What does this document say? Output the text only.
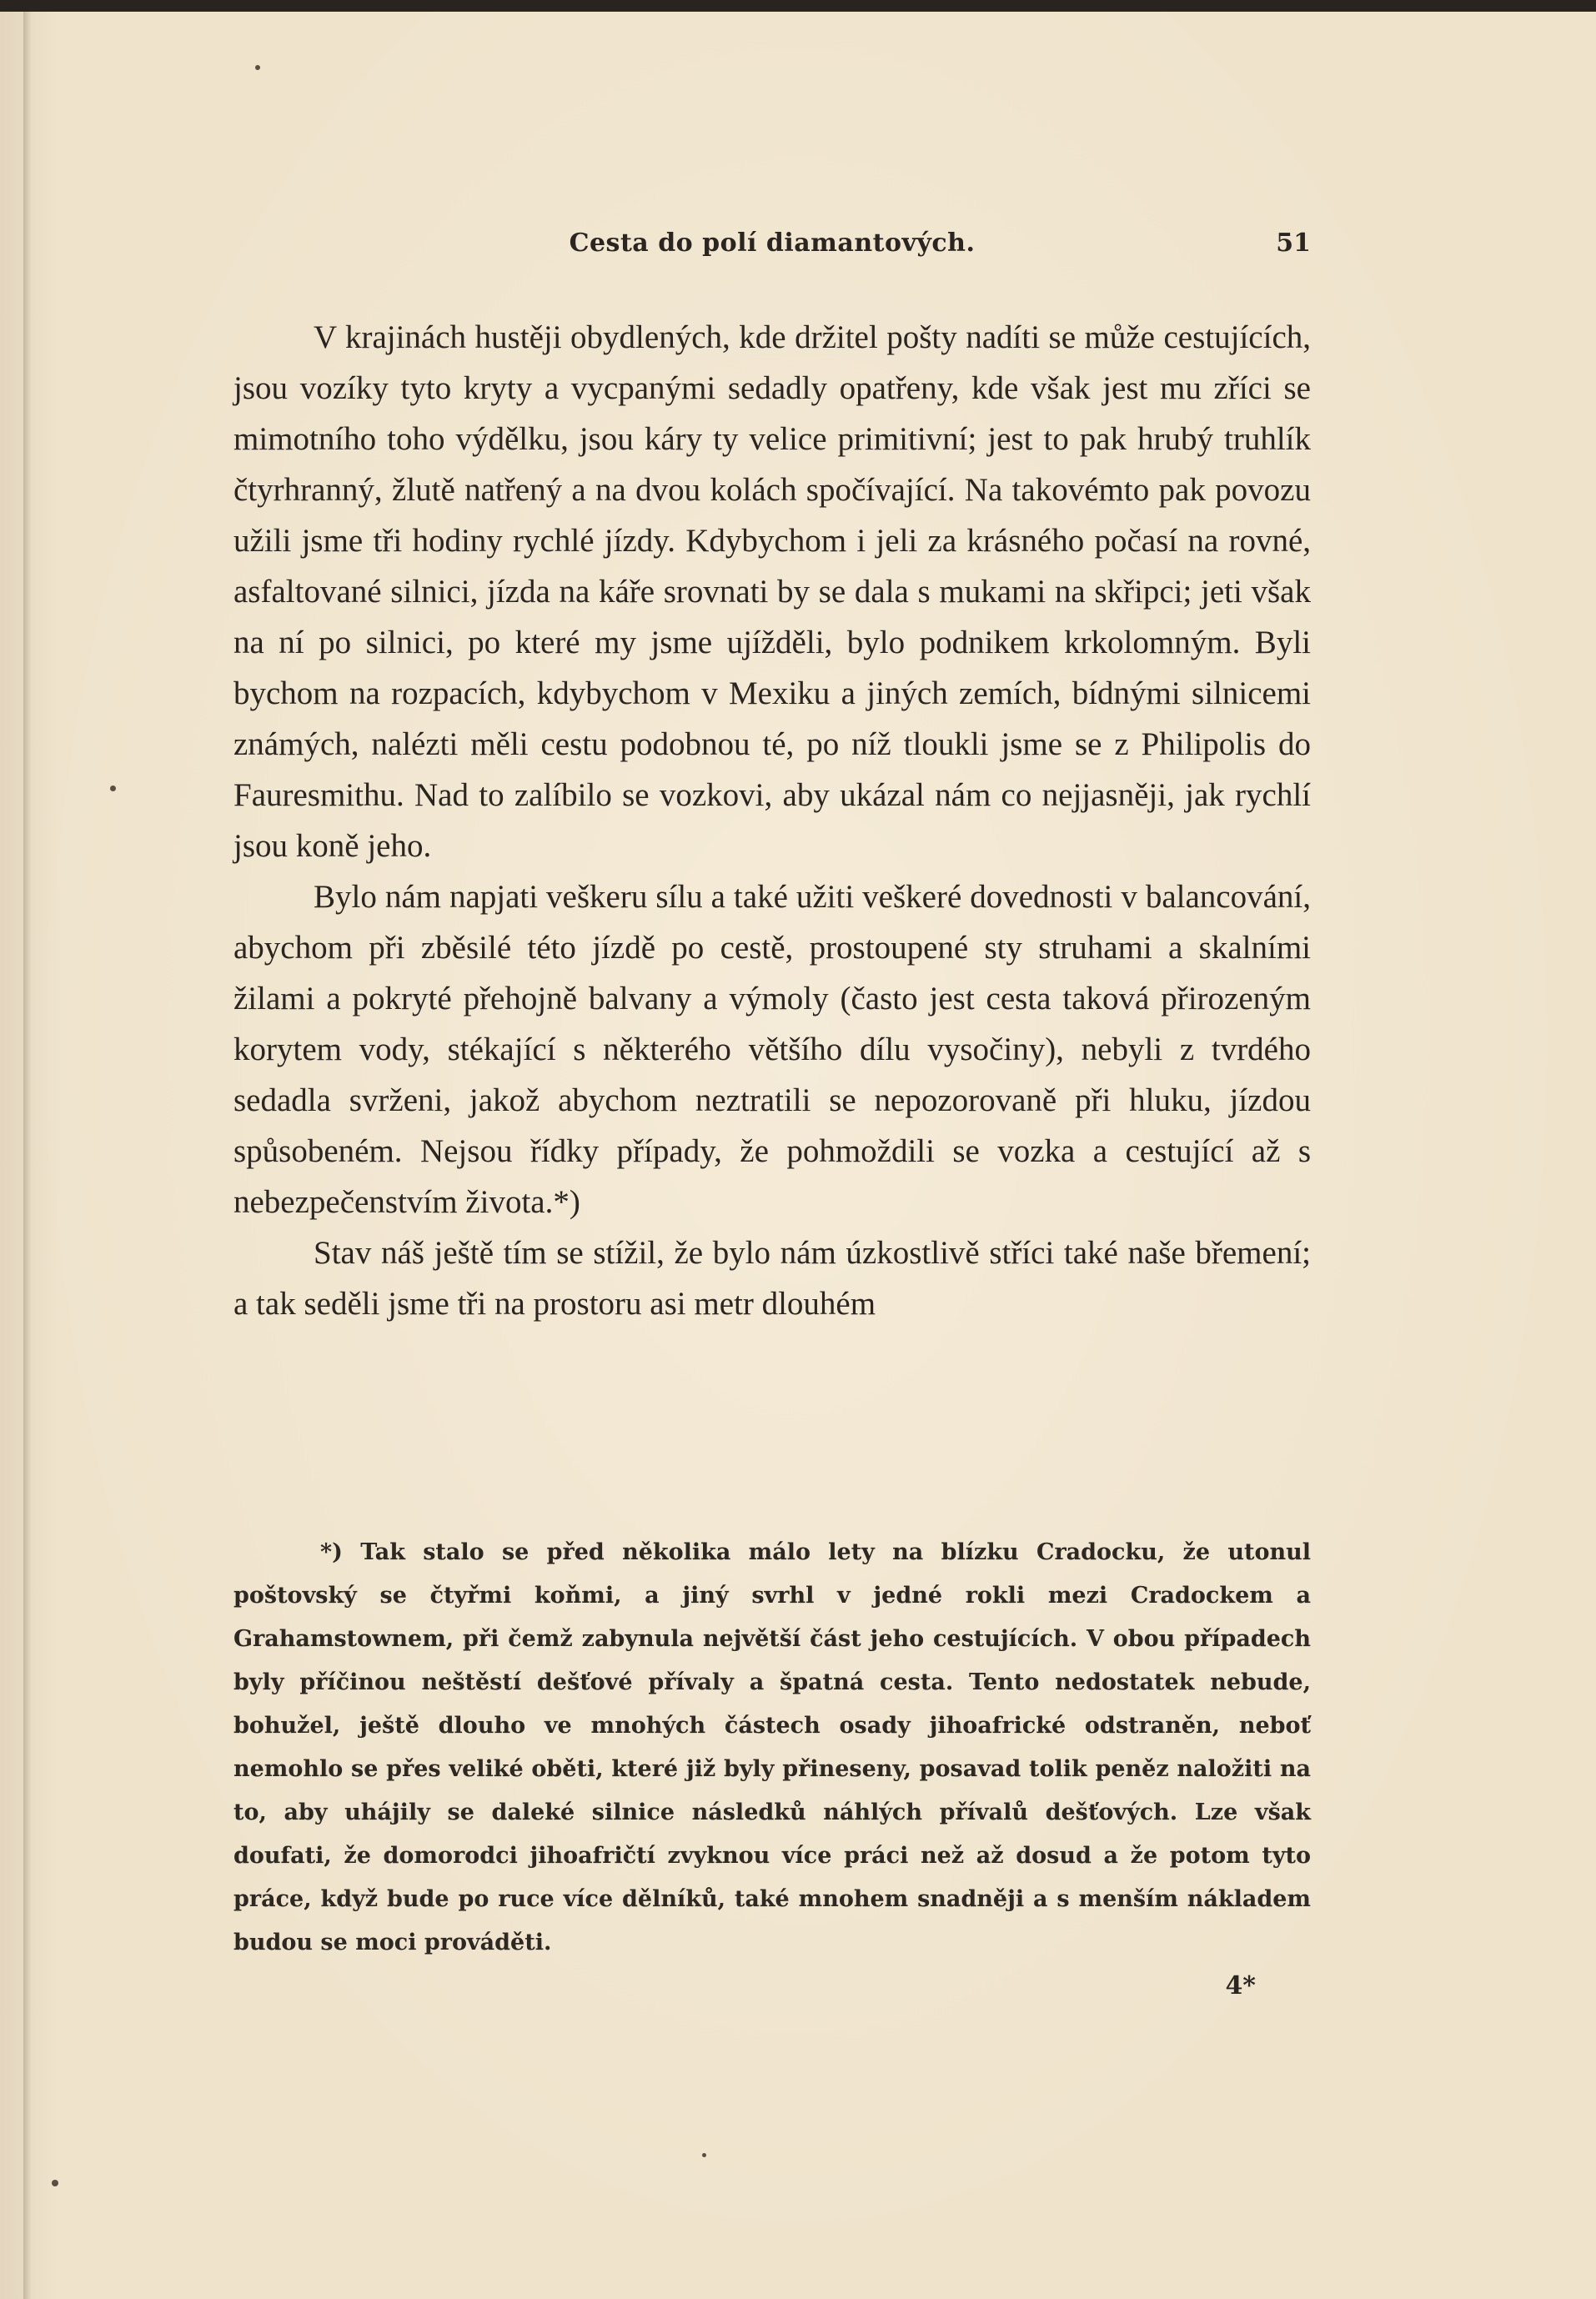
Cesta do polí diamantových.	51

V krajinách hustěji obydlených, kde držitel pošty nadíti se může cestujících, jsou vozíky tyto kryty a vycpanými sedadly opatřeny, kde však jest mu zříci se mimotního toho výdělku, jsou káry ty velice primitivní; jest to pak hrubý truhlík čtyrhranný, žlutě natřený a na dvou kolách spočívající. Na takovémto pak povozu užili jsme tři hodiny rychlé jízdy. Kdybychom i jeli za krásného počasí na rovné, asfaltované silnici, jízda na káře srovnati by se dala s mukami na skřipci; jeti však na ní po silnici, po které my jsme ujížděli, bylo podnikem krkolomným. Byli bychom na rozpacích, kdybychom v Mexiku a jiných zemích, bídnými silnicemi známých, nalézti měli cestu podobnou té, po níž tloukli jsme se z Philipolis do Fauresmithu. Nad to zalíbilo se vozkovi, aby ukázal nám co nejjasněji, jak rychlí jsou koně jeho.

Bylo nám napjati veškeru sílu a také užiti veškeré dovednosti v balancování, abychom při zběsilé této jízdě po cestě, prostoupené sty struhami a skalními žilami a pokryté přehojně balvany a výmoly (často jest cesta taková přirozeným korytem vody, stékající s některého většího dílu vysočiny), nebyli z tvrdého sedadla svrženi, jakož abychom neztratili se nepozorovaně při hluku, jízdou spůsobeném. Nejsou řídky případy, že pohmoždili se vozka a cestující až s nebezpečenstvím života.*)

Stav náš ještě tím se stížil, že bylo nám úzkostlivě stříci také naše břemení; a tak seděli jsme tři na prostoru asi metr dlouhém

*) Tak stalo se před několika málo lety na blízku Cradocku, že utonul poštovský se čtyřmi koňmi, a jiný svrhl v jedné rokli mezi Cradockem a Grahamstownem, při čemž zabynula největší část jeho cestujících. V obou případech byly příčinou neštěstí dešťové přívaly a špatná cesta. Tento nedostatek nebude, bohužel, ještě dlouho ve mnohých částech osady jihoafrické odstraněn, neboť nemohlo se přes veliké oběti, které již byly přineseny, posavad tolik peněz naložiti na to, aby uhájily se daleké silnice následků náhlých přívalů dešťových. Lze však doufati, že domorodci jihoafričtí zvyknou více práci než až dosud a že potom tyto práce, když bude po ruce více dělníků, také mnohem snadněji a s menším nákladem budou se moci prováděti.

4*
